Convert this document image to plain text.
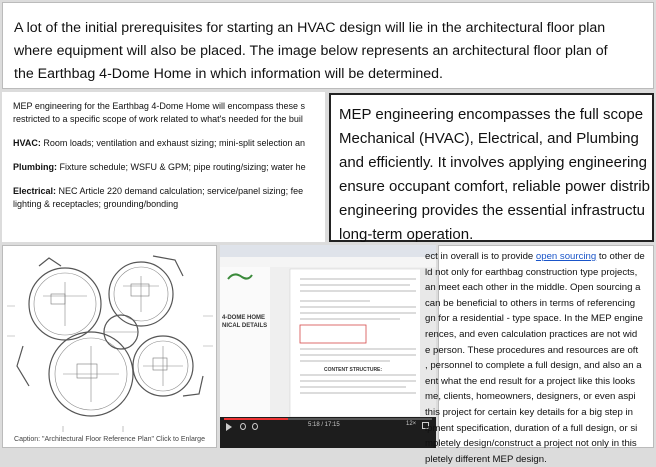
A lot of the initial prerequisites for starting an HVAC design will lie in the architectural floor plan
where equipment will also be placed. The image below represents an architectural floor plan of
the Earthbag 4-Dome Home in which information will be determined.

MEP engineering for the Earthbag 4-Dome Home will encompass these s
restricted to a specific scope of work related to what's needed for the buil

HVAC: Room loads; ventilation and exhaust sizing; mini-split selection an

Plumbing: Fixture schedule; WSFU & GPM; pipe routing/sizing; water he

Electrical: NEC Article 220 demand calculation; service/panel sizing; fee
lighting & receptacles; grounding/bonding

MEP engineering encompasses the full scope
Mechanical (HVAC), Electrical, and Plumbing
and efficiently. It involves applying engineering
ensure occupant comfort, reliable power distrib
engineering provides the essential infrastructu
long-term operation.
Caption: "Architectural Floor Reference Plan" Click to Enlarge
4-DOME HOME
NICAL DETAILS
CONTENT STRUCTURE:
5:18 / 17:15	12×
ect in overall is to provide open sourcing to other de
ld not only for earthbag construction type projects,
an meet each other in the middle. Open sourcing a
can be beneficial to others in terms of referencing
gn for a residential - type space. In the MEP engine
rences, and even calculation practices are not wid
e person. These procedures and resources are oft
, personnel to complete a full design, and also an a
ent what the end result for a project like this looks
me, clients, homeowners, designers, or even aspi
this project for certain key details for a big step in
ipment specification, duration of a full design, or si
mpletely design/construct a project not only in this
pletely different MEP design.
